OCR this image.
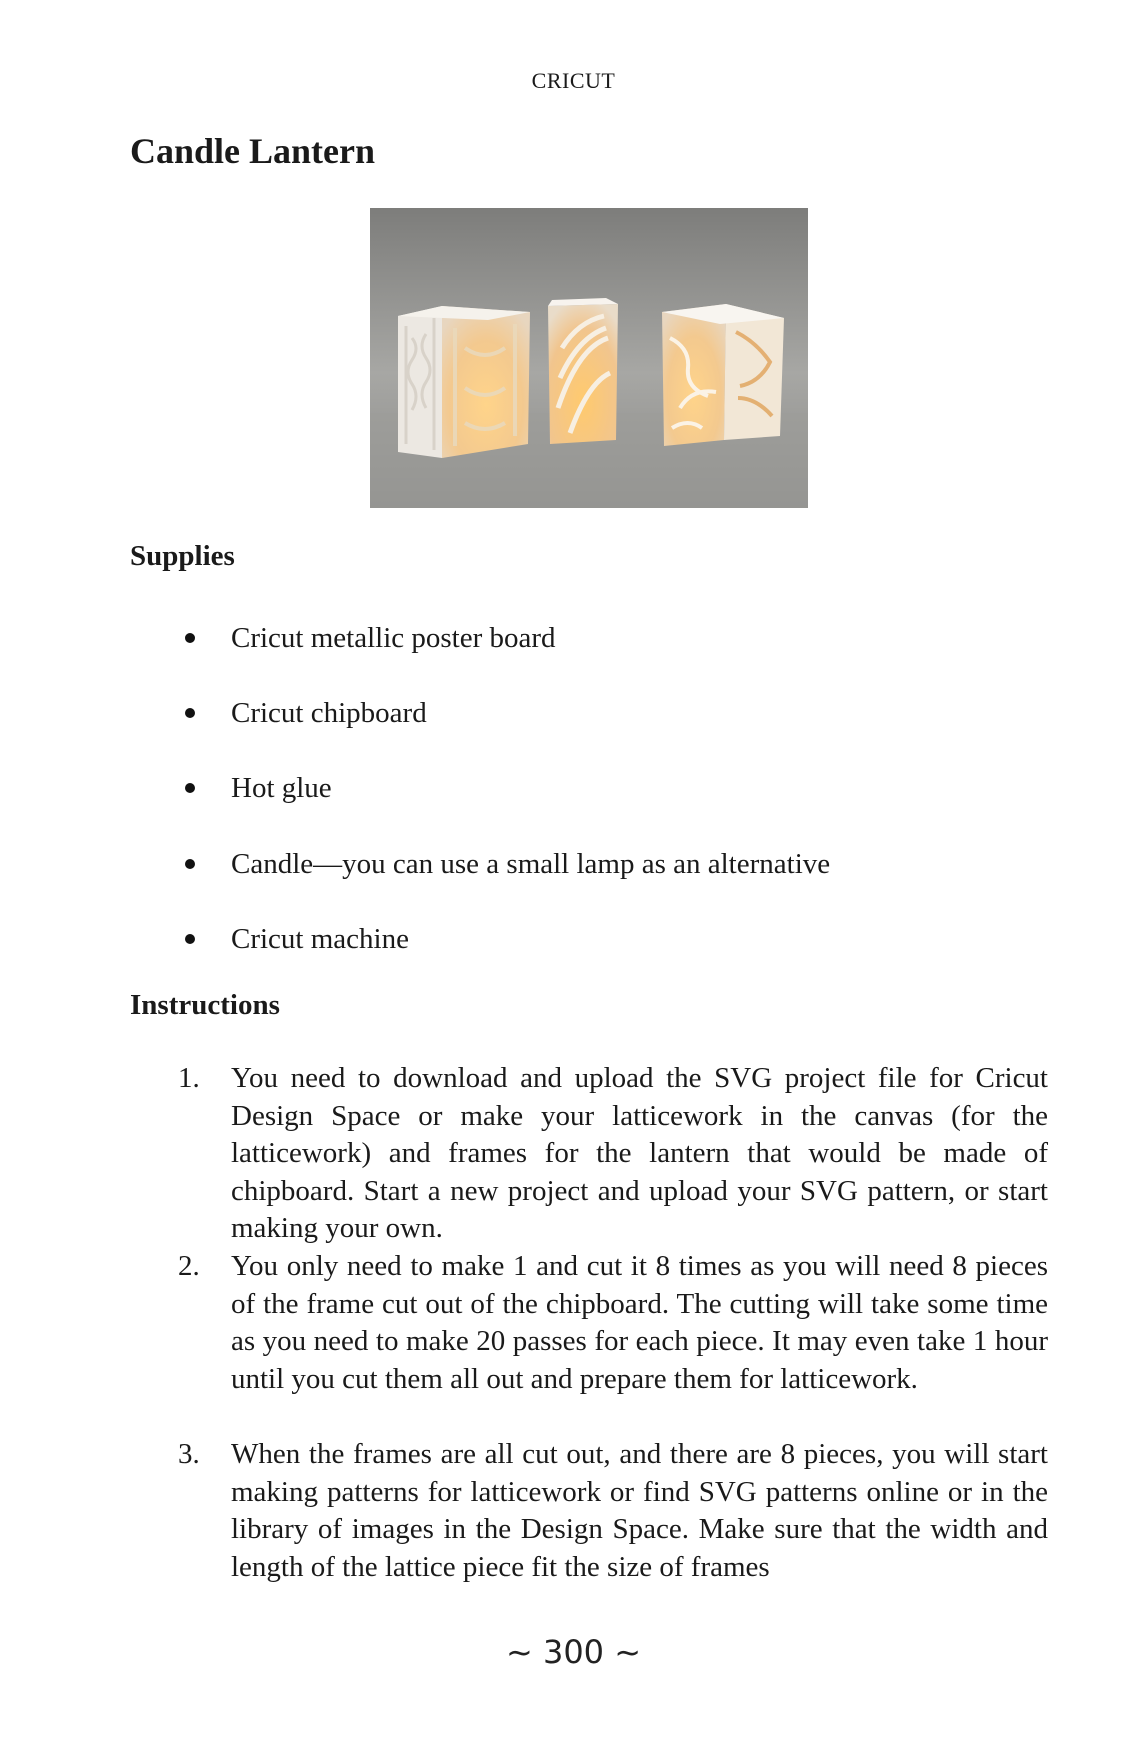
CRICUT
Candle Lantern
Supplies
Cricut metallic poster board
Cricut chipboard
Hot glue
Candle—you can use a small lamp as an alternative
Cricut machine
Instructions
1.	You need to download and upload the SVG project file for Cricut Design Space or make your latticework in the canvas (for the latticework) and frames for the lantern that would be made of chipboard. Start a new project and upload your SVG pattern, or start making your own.

2.	You only need to make 1 and cut it 8 times as you will need 8 pieces of the frame cut out of the chipboard. The cutting will take some time as you need to make 20 passes for each piece. It may even take 1 hour until you cut them all out and prepare them for latticework.

3.	When the frames are all cut out, and there are 8 pieces, you will start making patterns for latticework or find SVG patterns online or in the library of images in the Design Space. Make sure that the width and length of the lattice piece fit the size of frames

~ 300 ~
